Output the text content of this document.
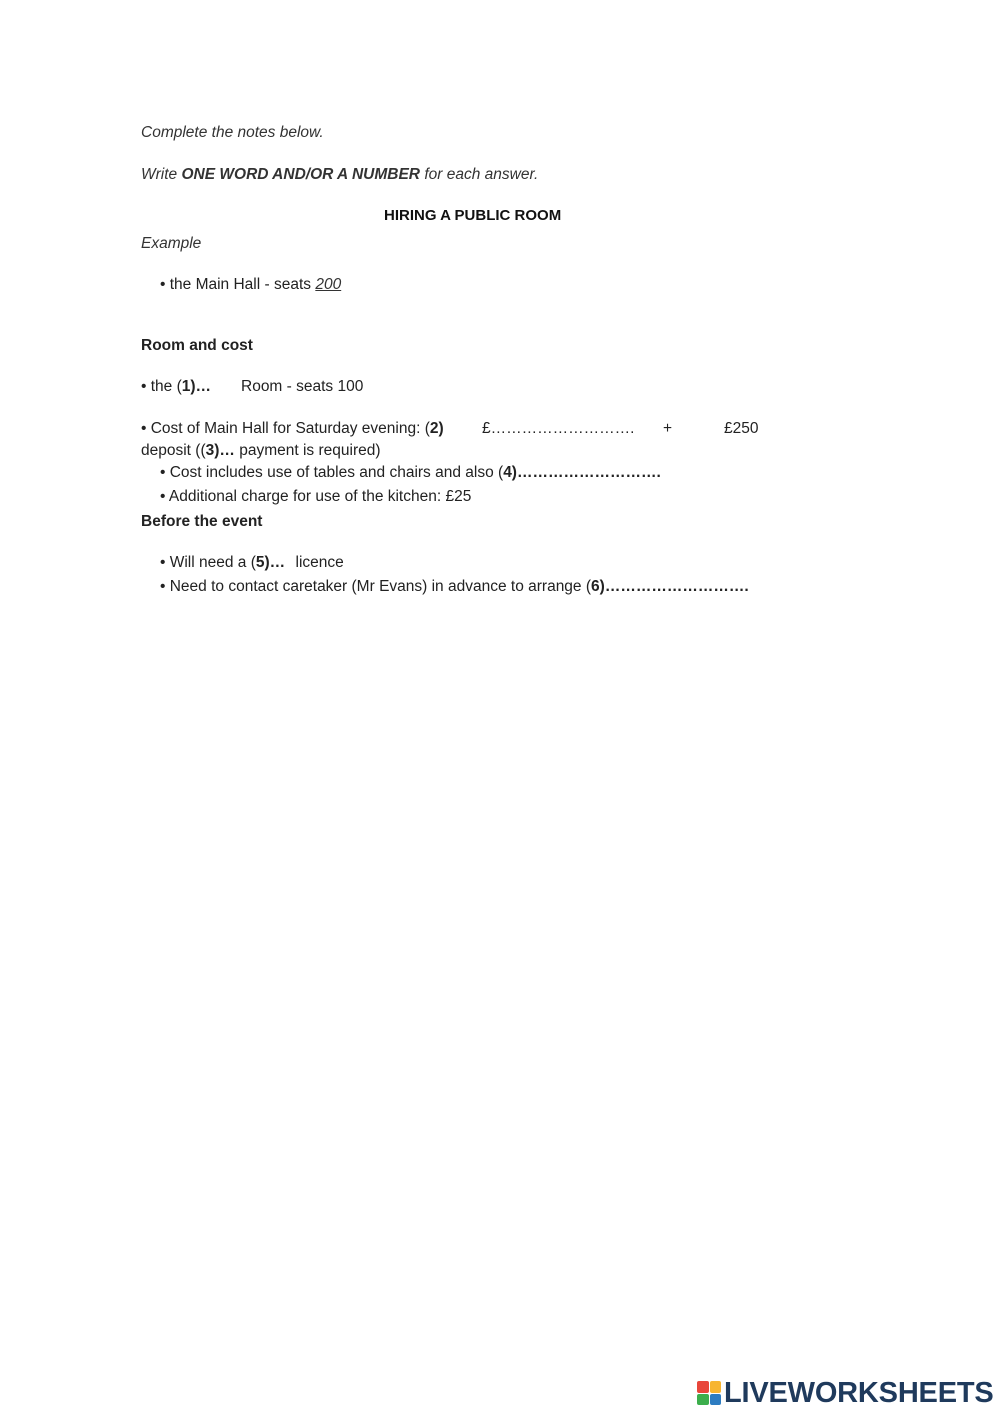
Complete the notes below.
Write ONE WORD AND/OR A NUMBER for each answer.
HIRING A PUBLIC ROOM
Example
• the Main Hall - seats 200
Room and cost
• the (1)… Room - seats 100
• Cost of Main Hall for Saturday evening: (2) £………………………. +	£250
deposit ((3)… payment is required)
• Cost includes use of tables and chairs and also (4)……………………….
• Additional charge for use of the kitchen: £25
Before the event
• Will need a (5)… licence
• Need to contact caretaker (Mr Evans) in advance to arrange (6)……………………….
LIVEWORKSHEETS
